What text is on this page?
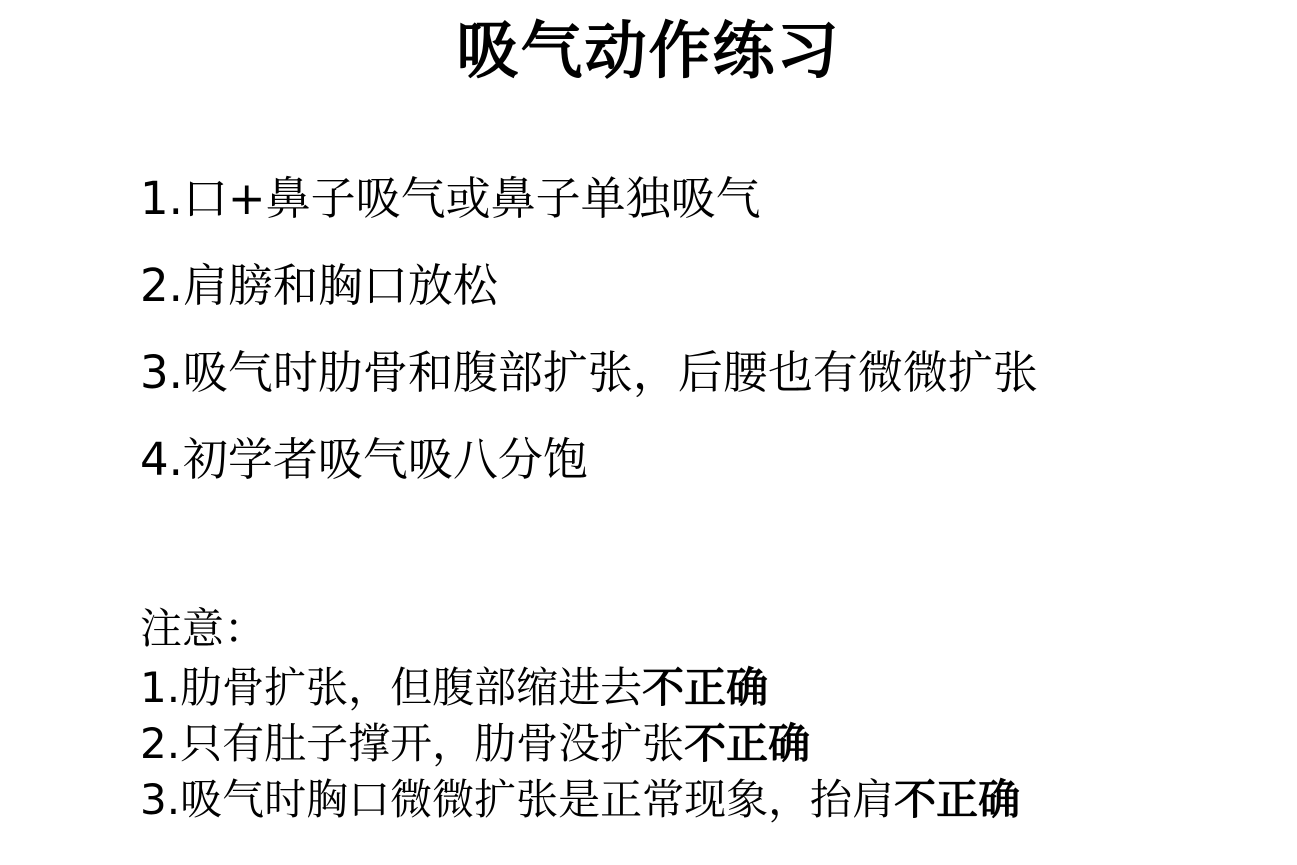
吸气动作练习
1.口+鼻子吸气或鼻子单独吸气
2.肩膀和胸口放松
3.吸气时肋骨和腹部扩张，后腰也有微微扩张
4.初学者吸气吸八分饱
注意：
1.肋骨扩张，但腹部缩进去不正确
2.只有肚子撑开，肋骨没扩张不正确
3.吸气时胸口微微扩张是正常现象，抬肩不正确
